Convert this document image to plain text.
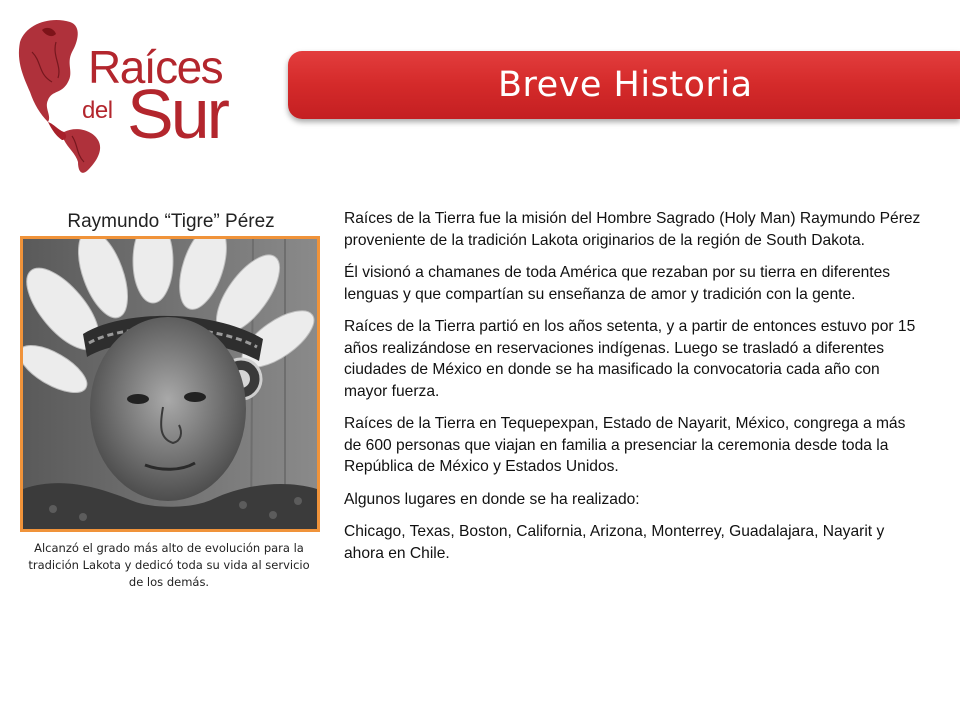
Raíces
del Sur	Breve Historia

Raymundo “Tigre” Pérez

Alcanzó el grado más alto de evolución para la tradición Lakota y dedicó toda su vida al servicio de los demás.

Raíces de la Tierra fue la misión del Hombre Sagrado (Holy Man) Raymundo Pérez proveniente de la tradición Lakota originarios de la región de South Dakota.

Él visionó a chamanes de toda América que rezaban por su tierra en diferentes lenguas y que compartían su enseñanza de amor y tradición con la gente.

Raíces de la Tierra partió en los años setenta, y a partir de entonces estuvo por 15 años realizándose en reservaciones indígenas. Luego se trasladó a diferentes ciudades de México en donde se ha masificado la convocatoria cada año con mayor fuerza.

Raíces de la Tierra en Tequepexpan, Estado de Nayarit, México, congrega a más de 600 personas que viajan en familia a presenciar la ceremonia desde toda la República de México y Estados Unidos.

Algunos lugares en donde se ha realizado:

Chicago, Texas, Boston, California, Arizona, Monterrey, Guadalajara, Nayarit y ahora en Chile.
